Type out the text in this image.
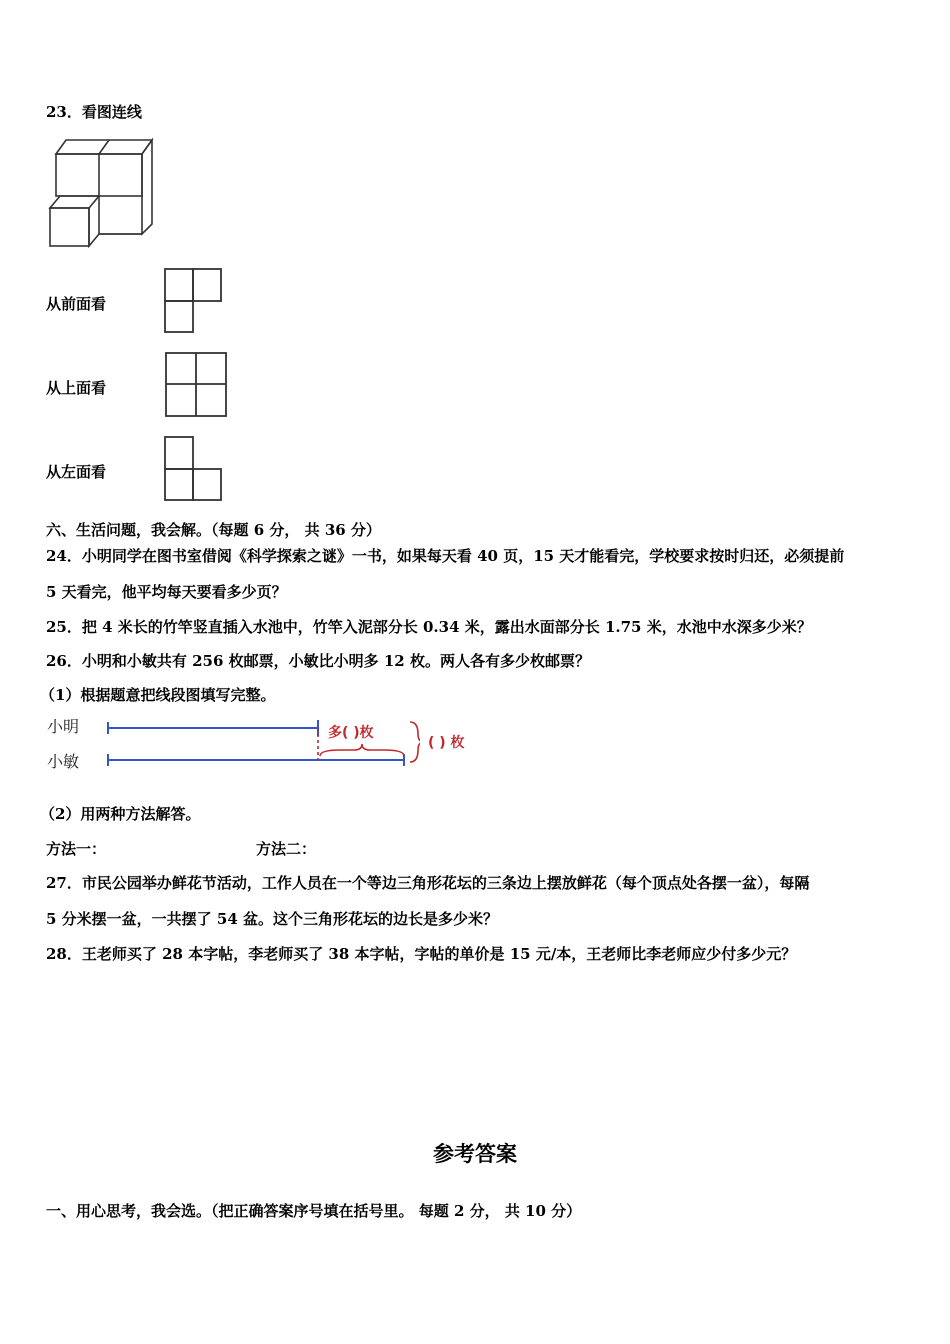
23．看图连线
从前面看
从上面看
从左面看
六、生活问题，我会解。（每题 6 分， 共 36 分）
24．小明同学在图书室借阅《科学探索之谜》一书，如果每天看 40 页，15 天才能看完，学校要求按时归还，必须提前
5 天看完，他平均每天要看多少页？
25．把 4 米长的竹竿竖直插入水池中，竹竿入泥部分长 0.34 米，露出水面部分长 1.75 米，水池中水深多少米？
26．小明和小敏共有 256 枚邮票，小敏比小明多 12 枚。两人各有多少枚邮票？
（1）根据题意把线段图填写完整。
小明
小敏
多( )枚
( ) 枚
（2）用两种方法解答。
方法一：	方法二：
27．市民公园举办鲜花节活动，工作人员在一个等边三角形花坛的三条边上摆放鲜花（每个顶点处各摆一盆），每隔
5 分米摆一盆，一共摆了 54 盆。这个三角形花坛的边长是多少米？
28．王老师买了 28 本字帖，李老师买了 38 本字帖，字帖的单价是 15 元/本，王老师比李老师应少付多少元？
参考答案
一、用心思考，我会选。（把正确答案序号填在括号里。 每题 2 分， 共 10 分）
